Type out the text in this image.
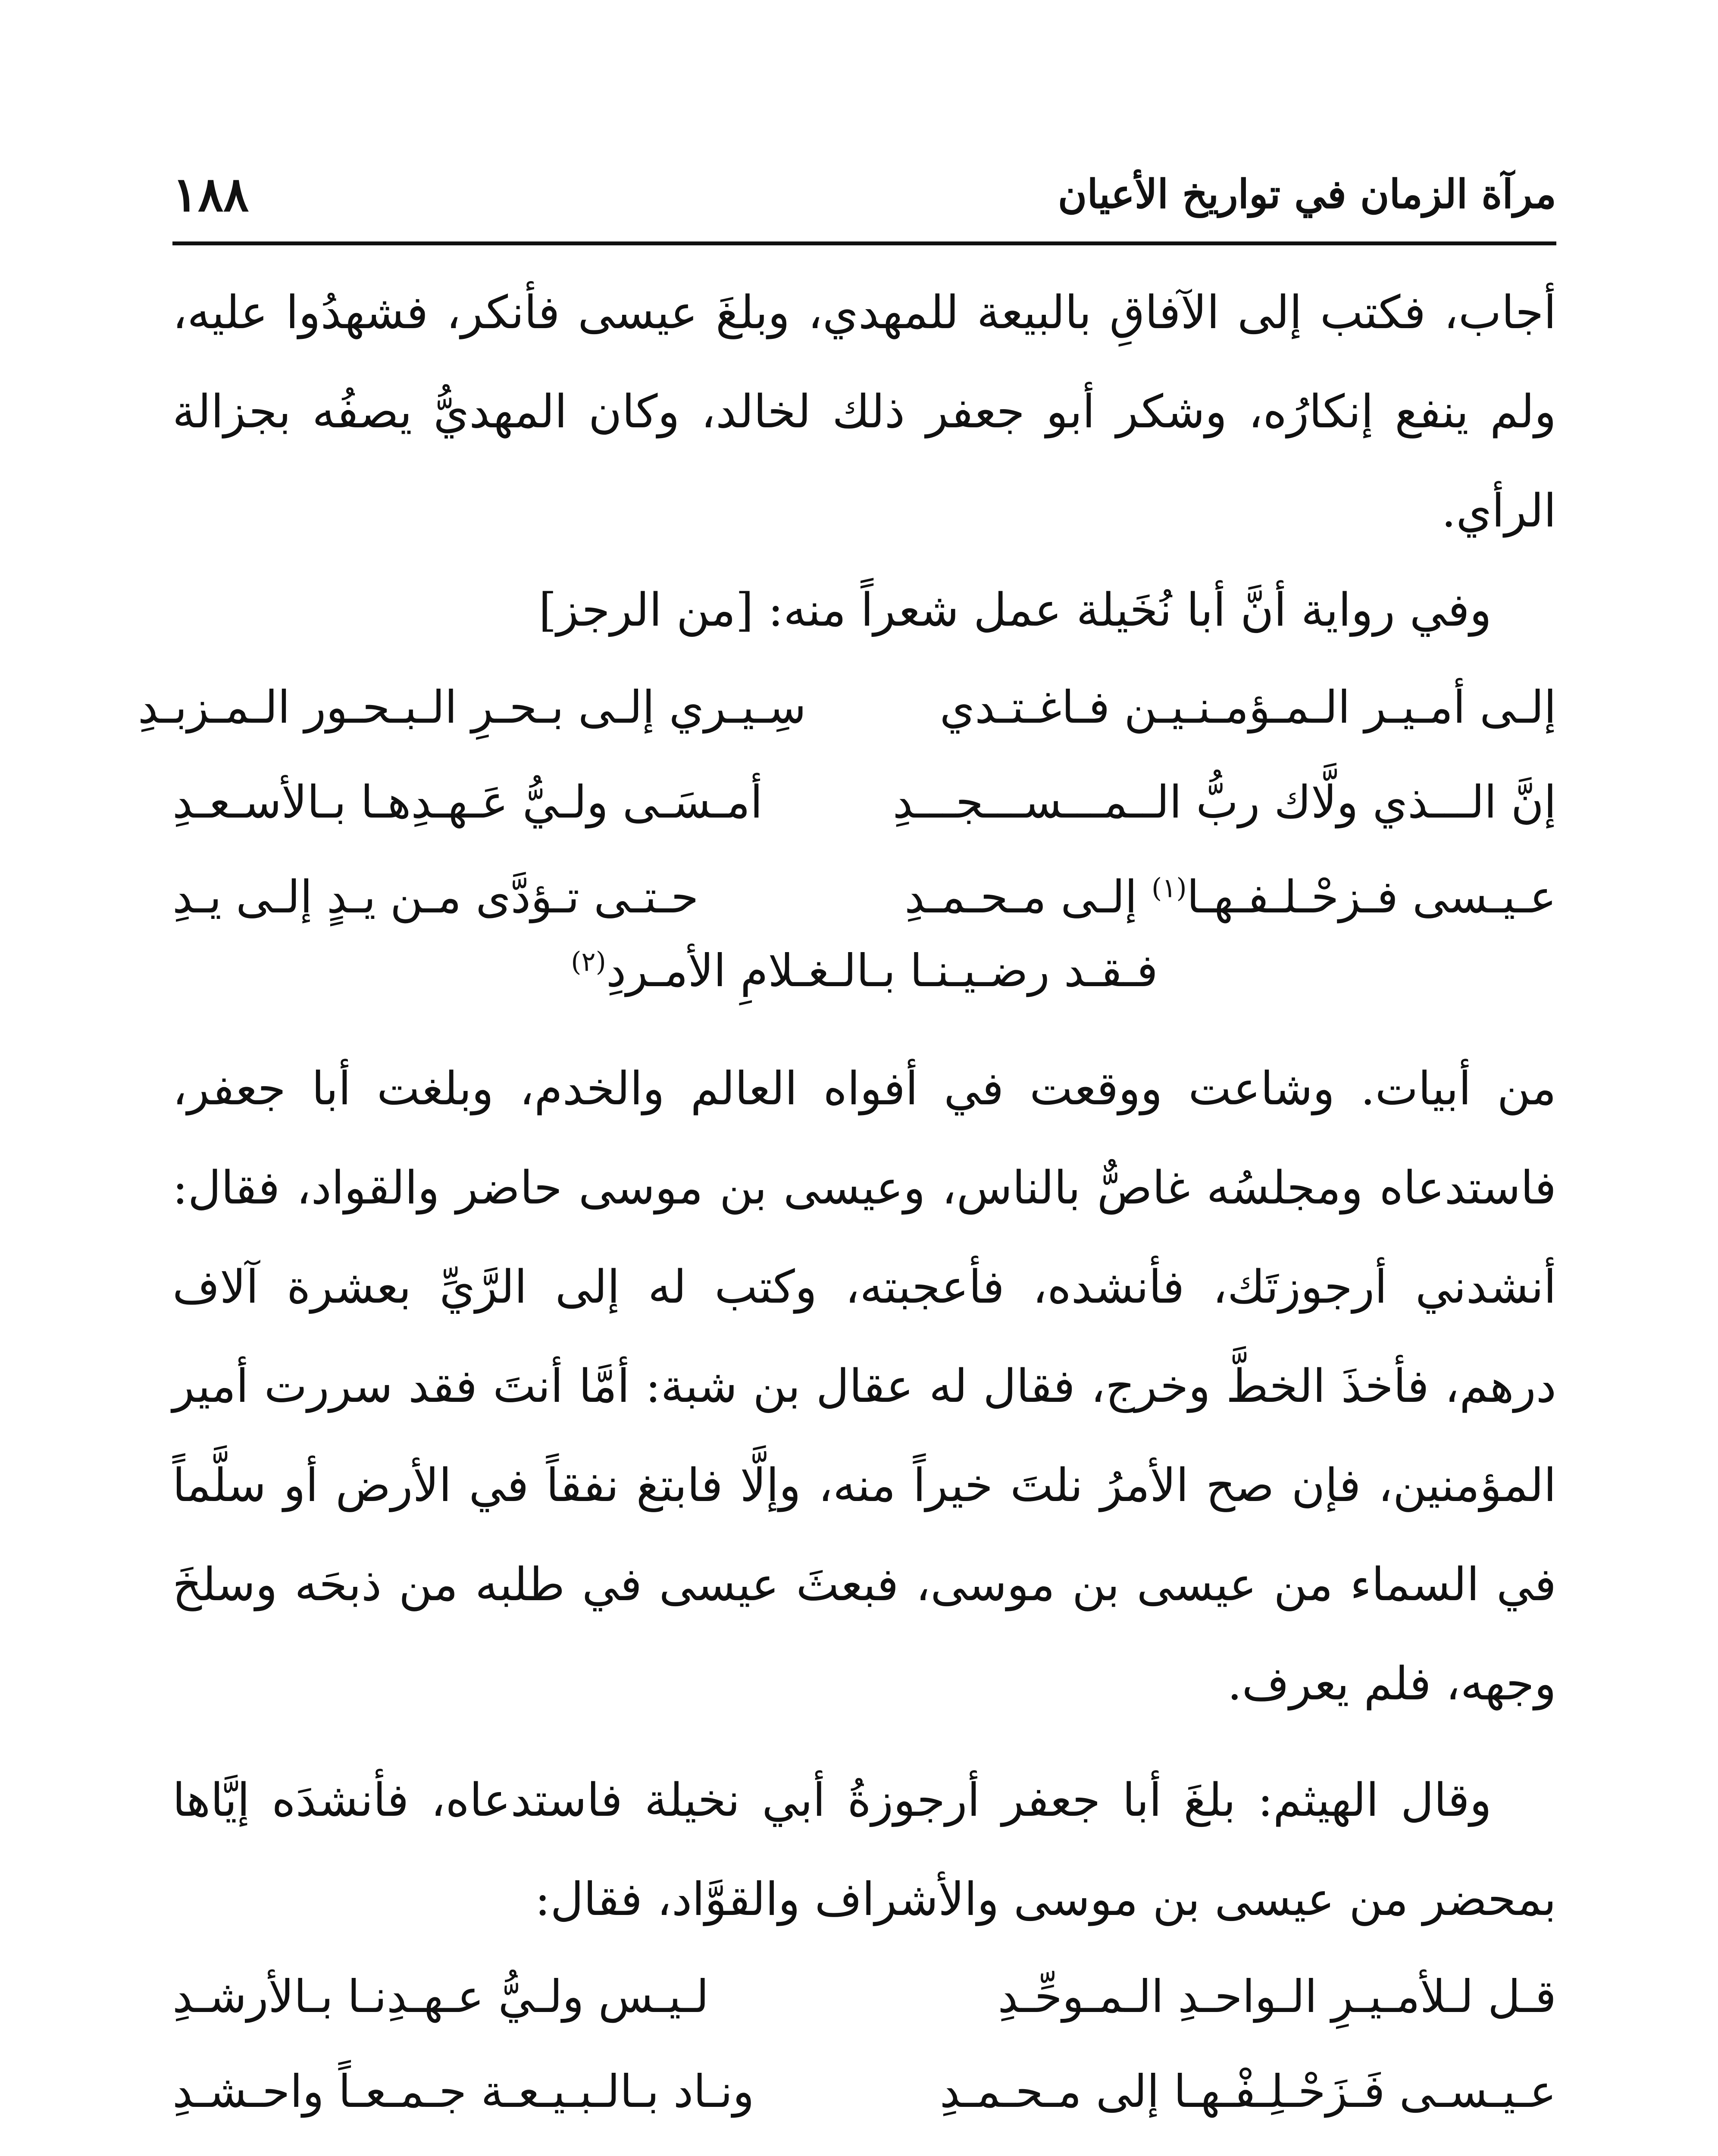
مرآة الزمان في تواريخ الأعيان
١٨٨

أجاب، فكتب إلى الآفاقِ بالبيعة للمهدي، وبلغَ عيسى فأنكر، فشهدُوا عليه، ولم ينفع إنكارُه، وشكر أبو جعفر ذلك لخالد، وكان المهديُّ يصفُه بجزالة الرأي.

وفي رواية أنَّ أبا نُخَيلة عمل شعراً منه: [من الرجز]

إلـى أمـيـر الـمـؤمـنـيـن فـاغـتـدي
سِـيـري إلـى بـحـرِ الـبـحـور الـمـزبـدِ
إنَّ الـــذي ولَّاك ربُّ الــمـــســـجـــدِ
أمـسَـى ولـيُّ عَـهـدِهـا بـالأسـعـدِ
عـيـسى فـزحْـلـفـهـا$^{(١)}$ إلـى مـحـمـدِ
حـتـى تـؤدَّى مـن يـدٍ إلـى يـدِ
فـقـد رضـيـنـا بـالـغـلامِ الأمـردِ$^{(٢)}$

من أبيات. وشاعت ووقعت في أفواه العالم والخدم، وبلغت أبا جعفر، فاستدعاه ومجلسُه غاصٌّ بالناس، وعيسى بن موسى حاضر والقواد، فقال: أنشدني أرجوزتَك، فأنشده، فأعجبته، وكتب له إلى الرَّيِّ بعشرة آلاف درهم، فأخذَ الخطَّ وخرج، فقال له عقال بن شبة: أمَّا أنتَ فقد سررت أمير المؤمنين، فإن صح الأمرُ نلتَ خيراً منه، وإلَّا فابتغ نفقاً في الأرض أو سلَّماً في السماء من عيسى بن موسى، فبعثَ عيسى في طلبه من ذبحَه وسلخَ وجهه، فلم يعرف.

وقال الهيثم: بلغَ أبا جعفر أرجوزةُ أبي نخيلة فاستدعاه، فأنشدَه إيَّاها بمحضر من عيسى بن موسى والأشراف والقوَّاد، فقال:

قـل لـلأمـيـرِ الـواحـدِ الـمـوحِّـدِ
لـيـس ولـيُّ عـهـدِنـا بـالأرشـدِ
عـيـسـى فَـزَحْـلِـفْـهـا إلى مـحـمـدِ
ونـاد بـالـبـيـعـة جـمـعـاً واحـشـدِ
